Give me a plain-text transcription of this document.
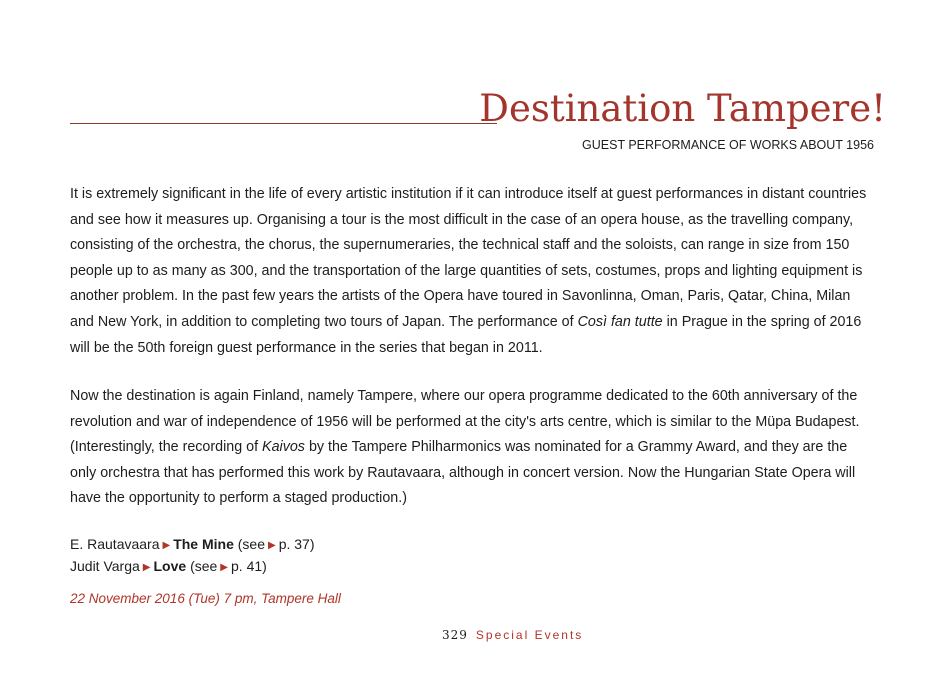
Destination Tampere!
GUEST PERFORMANCE OF WORKS ABOUT 1956

It is extremely significant in the life of every artistic institution if it can introduce itself at guest performances in distant countries and see how it measures up. Organising a tour is the most difficult in the case of an opera house, as the travelling company, consisting of the orchestra, the chorus, the supernumeraries, the technical staff and the soloists, can range in size from 150 people up to as many as 300, and the transportation of the large quantities of sets, costumes, props and lighting equipment is another problem. In the past few years the artists of the Opera have toured in Savonlinna, Oman, Paris, Qatar, China, Milan and New York, in addition to completing two tours of Japan. The performance of Così fan tutte in Prague in the spring of 2016 will be the 50th foreign guest performance in the series that began in 2011.

Now the destination is again Finland, namely Tampere, where our opera programme dedicated to the 60th anniversary of the revolution and war of independence of 1956 will be performed at the city's arts centre, which is similar to the Müpa Budapest. (Interestingly, the recording of Kaivos by the Tampere Philharmonics was nominated for a Grammy Award, and they are the only orchestra that has performed this work by Rautavaara, although in concert version. Now the Hungarian State Opera will have the opportunity to perform a staged production.)

E. Rautavaara ▶ The Mine (see ▶ p. 37)
Judit Varga ▶ Love (see ▶ p. 41)
22 November 2016 (Tue) 7 pm, Tampere Hall
329 Special Events
